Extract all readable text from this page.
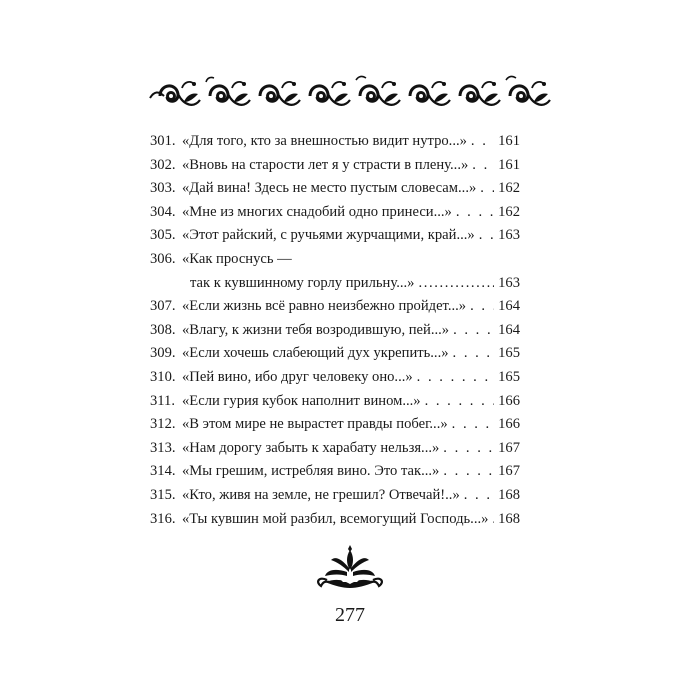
301. «Для того, кто за внешностью видит нутро...» . . . 161
302. «Вновь на старости лет я у страсти в плену...» . . . 161
303. «Дай вина! Здесь не место пустым словесам...» . . . 162
304. «Мне из многих снадобий одно принеси...» . . .	162
305. «Этот райский, с ручьями журчащими, край...» . . . 163
306. «Как проснусь —
так к кувшинному горлу прильну...» .....	163
307. «Если жизнь всё равно неизбежно пройдет...» . . . 164
308. «Влагу, к жизни тебя возродившую, пей...» . . .	164
309. «Если хочешь слабеющий дух укрепить...» . . .	165
310. «Пей вино, ибо друг человеку оно...» . . .	165
311. «Если гурия кубок наполнит вином...» . . .	166
312. «В этом мире не вырастет правды побег...» . . .	166
313. «Нам дорогу забыть к харабату нельзя...» . . .	167
314. «Мы грешим, истребляя вино. Это так...» . . .	167
315. «Кто, живя на земле, не грешил? Отвечай!..» . . .	168
316. «Ты кувшин мой разбил, всемогущий Господь...» . . . 168
277
